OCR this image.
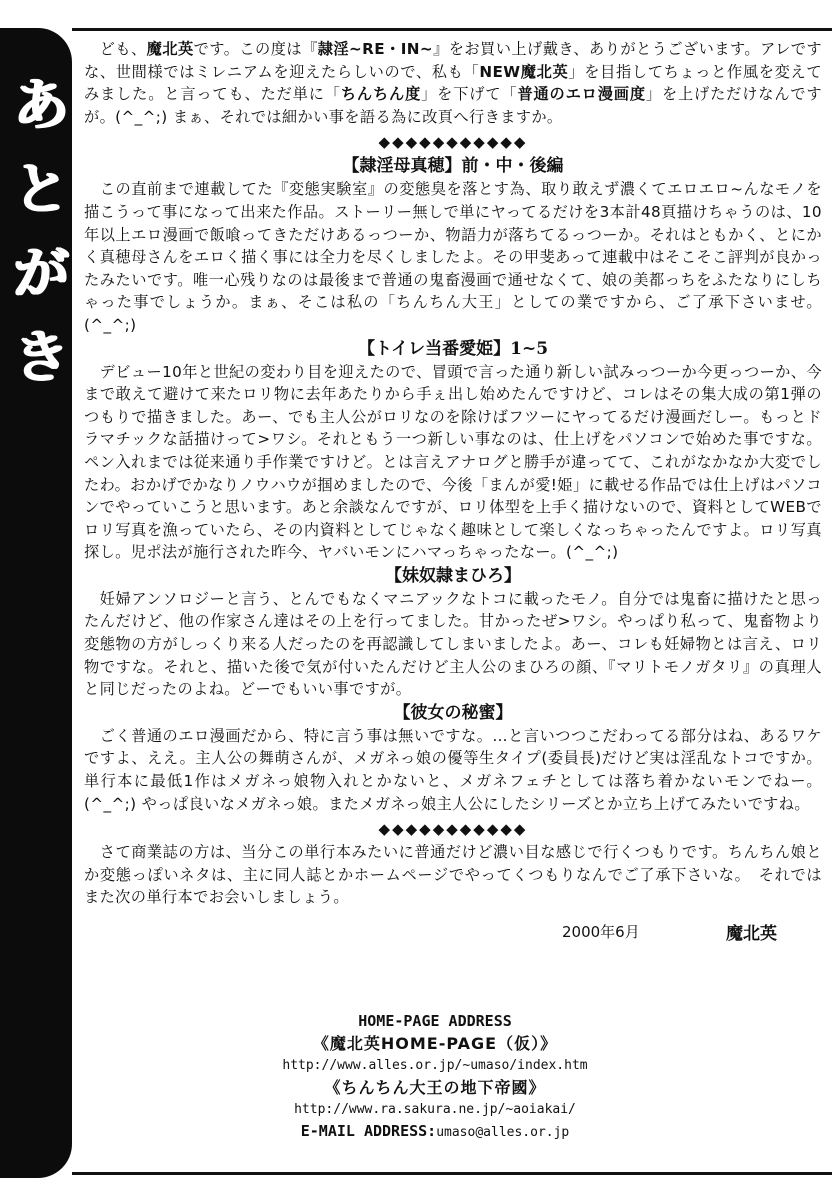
あとがき

　ども、魔北英です。この度は『隷淫~RE・IN~』をお買い上げ戴き、ありがとうございます。アレですな、世間様ではミレニアムを迎えたらしいので、私も「NEW魔北英」を目指してちょっと作風を変えてみました。と言っても、ただ単に「ちんちん度」を下げて「普通のエロ漫画度」を上げただけなんですが。(^_^;) まぁ、それでは細かい事を語る為に改頁へ行きますか。

◆◆◆◆◆◆◆◆◆◆◆

【隷淫母真穂】前・中・後編

　この直前まで連載してた『変態実験室』の変態臭を落とす為、取り敢えず濃くてエロエロ~んなモノを描こうって事になって出来た作品。ストーリー無しで単にヤってるだけを3本計48頁描けちゃうのは、10年以上エロ漫画で飯喰ってきただけあるっつーか、物語力が落ちてるっつーか。それはともかく、とにかく真穂母さんをエロく描く事には全力を尽くしましたよ。その甲斐あって連載中はそこそこ評判が良かったみたいです。唯一心残りなのは最後まで普通の鬼畜漫画で通せなくて、娘の美都っちをふたなりにしちゃった事でしょうか。まぁ、そこは私の「ちんちん大王」としての業ですから、ご了承下さいませ。(^_^;)

【トイレ当番愛姫】1~5

　デビュー10年と世紀の変わり目を迎えたので、冒頭で言った通り新しい試みっつーか今更っつーか、今まで敢えて避けて来たロリ物に去年あたりから手ぇ出し始めたんですけど、コレはその集大成の第1弾のつもりで描きました。あー、でも主人公がロリなのを除けばフツーにヤってるだけ漫画だしー。もっとドラマチックな話描けって>ワシ。それともう一つ新しい事なのは、仕上げをパソコンで始めた事ですな。ペン入れまでは従来通り手作業ですけど。とは言えアナログと勝手が違ってて、これがなかなか大変でしたわ。おかげでかなりノウハウが掴めましたので、今後「まんが愛!姫」に載せる作品では仕上げはパソコンでやっていこうと思います。あと余談なんですが、ロリ体型を上手く描けないので、資料としてWEBでロリ写真を漁っていたら、その内資料としてじゃなく趣味として楽しくなっちゃったんですよ。ロリ写真探し。児ポ法が施行された昨今、ヤバいモンにハマっちゃったなー。(^_^;)

【妹奴隷まひろ】

　妊婦アンソロジーと言う、とんでもなくマニアックなトコに載ったモノ。自分では鬼畜に描けたと思ったんだけど、他の作家さん達はその上を行ってました。甘かったぜ>ワシ。やっぱり私って、鬼畜物より変態物の方がしっくり来る人だったのを再認識してしまいましたよ。あー、コレも妊婦物とは言え、ロリ物ですな。それと、描いた後で気が付いたんだけど主人公のまひろの顔、『マリトモノガタリ』の真理人と同じだったのよね。どーでもいい事ですが。

【彼女の秘蜜】

　ごく普通のエロ漫画だから、特に言う事は無いですな。…と言いつつこだわってる部分はね、あるワケですよ、ええ。主人公の舞萌さんが、メガネっ娘の優等生タイプ(委員長)だけど実は淫乱なトコですか。単行本に最低1作はメガネっ娘物入れとかないと、メガネフェチとしては落ち着かないモンでねー。(^_^;) やっぱ良いなメガネっ娘。またメガネっ娘主人公にしたシリーズとか立ち上げてみたいですね。

◆◆◆◆◆◆◆◆◆◆◆

　さて商業誌の方は、当分この単行本みたいに普通だけど濃い目な感じで行くつもりです。ちんちん娘とか変態っぽいネタは、主に同人誌とかホームページでやってくつもりなんでご了承下さいな。　それではまた次の単行本でお会いしましょう。

2000年6月	魔北英
HOME-PAGE ADDRESS
《魔北英HOME-PAGE（仮）》
http://www.alles.or.jp/~umaso/index.htm
《ちんちん大王の地下帝國》
http://www.ra.sakura.ne.jp/~aoiakai/
E-MAIL ADDRESS:umaso@alles.or.jp
